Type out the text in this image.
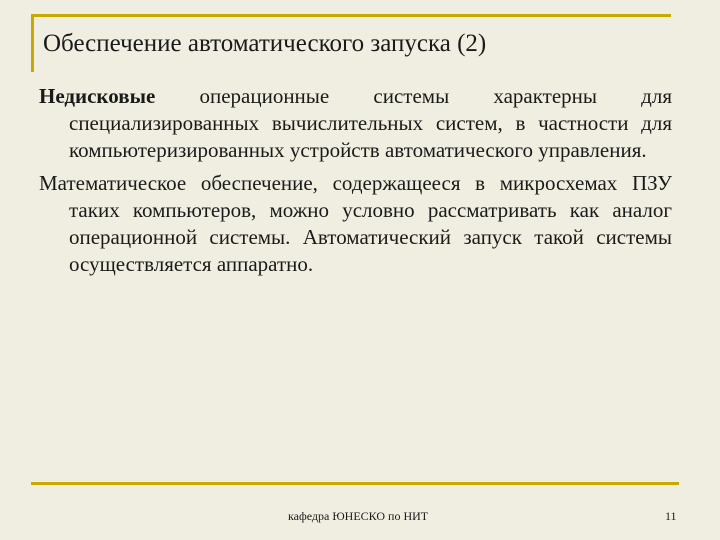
Обеспечение автоматического запуска (2)

Недисковые операционные системы характерны для специализированных вычислительных систем, в частности для компьютеризированных устройств автоматического управления.

Математическое обеспечение, содержащееся в микросхемах ПЗУ таких компьютеров, можно условно рассматривать как аналог операционной системы. Автоматический запуск такой системы осуществляется аппаратно.

кафедра ЮНЕСКО по НИТ	11
